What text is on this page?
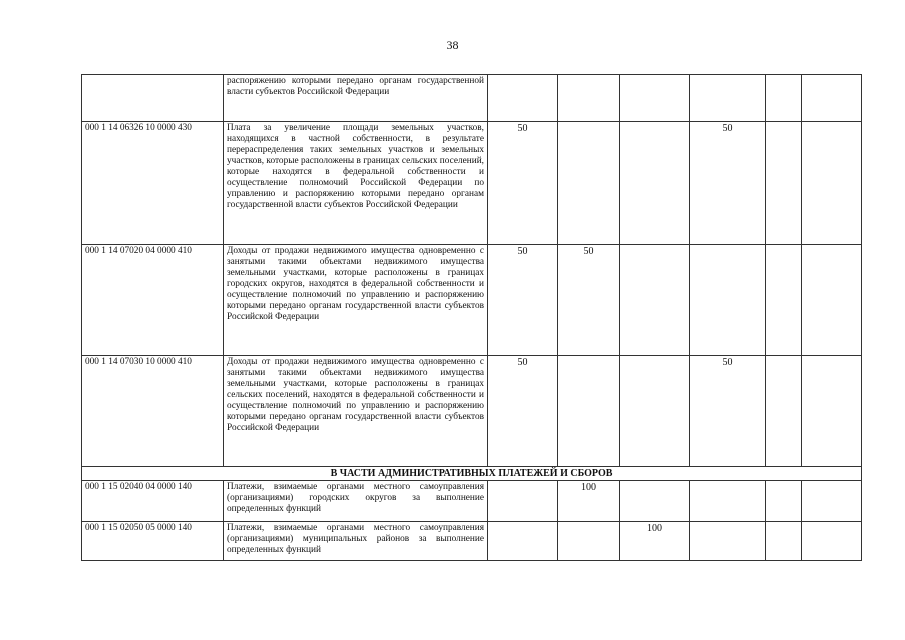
38
	распоряжению которыми передано органам государственной власти субъектов Российской Федерации						
000 1 14 06326 10 0000 430	Плата за увеличение площади земельных участков, находящихся в частной собственности, в результате перераспределения таких земельных участков и земельных участков, которые расположены в границах сельских поселений, которые находятся в федеральной собственности и осуществление полномочий Российской Федерации по управлению и распоряжению которыми передано органам государственной власти субъектов Российской Федерации	50			50		
000 1 14 07020 04 0000 410	Доходы от продажи недвижимого имущества одновременно с занятыми такими объектами недвижимого имущества земельными участками, которые расположены в границах городских округов, находятся в федеральной собственности и осуществление полномочий по управлению и распоряжению которыми передано органам государственной власти субъектов Российской Федерации	50	50				
000 1 14 07030 10 0000 410	Доходы от продажи недвижимого имущества одновременно с занятыми такими объектами недвижимого имущества земельными участками, которые расположены в границах сельских поселений, находятся в федеральной собственности и осуществление полномочий по управлению и распоряжению которыми передано органам государственной власти субъектов Российской Федерации	50			50		
В ЧАСТИ АДМИНИСТРАТИВНЫХ ПЛАТЕЖЕЙ И СБОРОВ							
000 1 15 02040 04 0000 140	Платежи, взимаемые органами местного самоуправления (организациями) городских округов за выполнение определенных функций		100				
000 1 15 02050 05 0000 140	Платежи, взимаемые органами местного самоуправления (организациями) муниципальных районов за выполнение определенных функций			100			
